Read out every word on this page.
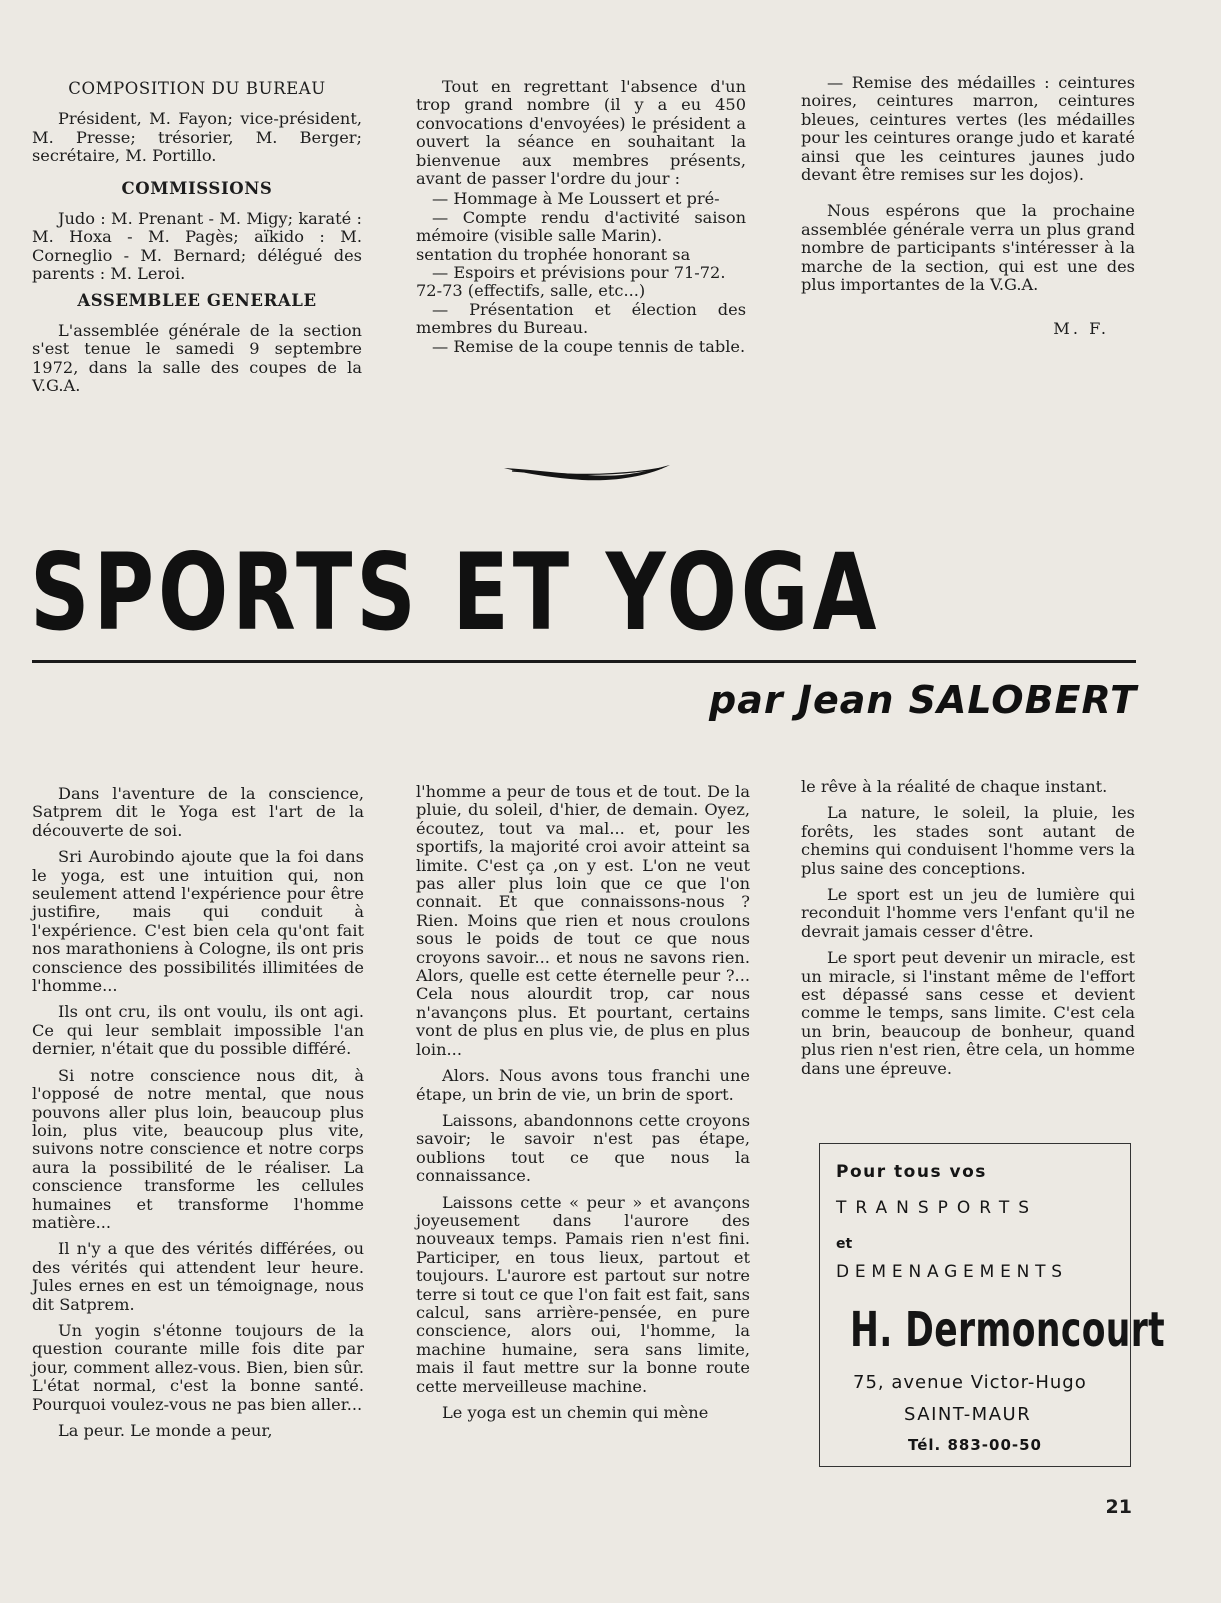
COMPOSITION DU BUREAU

Président, M. Fayon; vice-président, M. Presse; trésorier, M. Berger; secrétaire, M. Portillo.

COMMISSIONS

Judo : M. Prenant - M. Migy; karaté : M. Hoxa - M. Pagès; aïkido : M. Corneglio - M. Bernard; délégué des parents : M. Leroi.

ASSEMBLEE GENERALE

L'assemblée générale de la section s'est tenue le samedi 9 septembre 1972, dans la salle des coupes de la V.G.A.

Tout en regrettant l'absence d'un trop grand nombre (il y a eu 450 convocations d'envoyées) le président a ouvert la séance en souhaitant la bienvenue aux membres présents, avant de passer l'ordre du jour :

— Hommage à Me Loussert et pré-

— Compte rendu d'activité saison mémoire (visible salle Marin).

sentation du trophée honorant sa

— Espoirs et prévisions pour 71-72.

72-73 (effectifs, salle, etc...)

— Présentation et élection des membres du Bureau.

— Remise de la coupe tennis de table.

— Remise des médailles : ceintures noires, ceintures marron, ceintures bleues, ceintures vertes (les médailles pour les ceintures orange judo et karaté ainsi que les ceintures jaunes judo devant être remises sur les dojos).

Nous espérons que la prochaine assemblée générale verra un plus grand nombre de participants s'intéresser à la marche de la section, qui est une des plus importantes de la V.G.A.

M. F.
SPORTS ET YOGA
par Jean SALOBERT

Dans l'aventure de la conscience, Satprem dit le Yoga est l'art de la découverte de soi.

Sri Aurobindo ajoute que la foi dans le yoga, est une intuition qui, non seulement attend l'expérience pour être justifire, mais qui conduit à l'expérience. C'est bien cela qu'ont fait nos marathoniens à Cologne, ils ont pris conscience des possibilités illimitées de l'homme...

Ils ont cru, ils ont voulu, ils ont agi. Ce qui leur semblait impossible l'an dernier, n'était que du possible différé.

Si notre conscience nous dit, à l'opposé de notre mental, que nous pouvons aller plus loin, beaucoup plus loin, plus vite, beaucoup plus vite, suivons notre conscience et notre corps aura la possibilité de le réaliser. La conscience transforme les cellules humaines et transforme l'homme matière...

Il n'y a que des vérités différées, ou des vérités qui attendent leur heure. Jules ernes en est un témoignage, nous dit Satprem.

Un yogin s'étonne toujours de la question courante mille fois dite par jour, comment allez-vous. Bien, bien sûr. L'état normal, c'est la bonne santé. Pourquoi voulez-vous ne pas bien aller...

La peur. Le monde a peur,

l'homme a peur de tous et de tout. De la pluie, du soleil, d'hier, de demain. Oyez, écoutez, tout va mal... et, pour les sportifs, la majorité croi avoir atteint sa limite. C'est ça ,on y est. L'on ne veut pas aller plus loin que ce que l'on connait. Et que connaissons-nous ? Rien. Moins que rien et nous croulons sous le poids de tout ce que nous croyons savoir... et nous ne savons rien. Alors, quelle est cette éternelle peur ?... Cela nous alourdit trop, car nous n'avançons plus. Et pourtant, certains vont de plus en plus vie, de plus en plus loin...

Alors. Nous avons tous franchi une étape, un brin de vie, un brin de sport.

Laissons, abandonnons cette croyons savoir; le savoir n'est pas étape, oublions tout ce que nous la connaissance.

Laissons cette « peur » et avançons joyeusement dans l'aurore des nouveaux temps. Pamais rien n'est fini. Participer, en tous lieux, partout et toujours. L'aurore est partout sur notre terre si tout ce que l'on fait est fait, sans calcul, sans arrière-pensée, en pure conscience, alors oui, l'homme, la machine humaine, sera sans limite, mais il faut mettre sur la bonne route cette merveilleuse machine.

Le yoga est un chemin qui mène

le rêve à la réalité de chaque instant.

La nature, le soleil, la pluie, les forêts, les stades sont autant de chemins qui conduisent l'homme vers la plus saine des conceptions.

Le sport est un jeu de lumière qui reconduit l'homme vers l'enfant qu'il ne devrait jamais cesser d'être.

Le sport peut devenir un miracle, est un miracle, si l'instant même de l'effort est dépassé sans cesse et devient comme le temps, sans limite. C'est cela un brin, beaucoup de bonheur, quand plus rien n'est rien, être cela, un homme dans une épreuve.

Pour tous vos
TRANSPORTS
et
DEMENAGEMENTS
H. Dermoncourt
75, avenue Victor-Hugo
SAINT-MAUR
Tél. 883-00-50
21
